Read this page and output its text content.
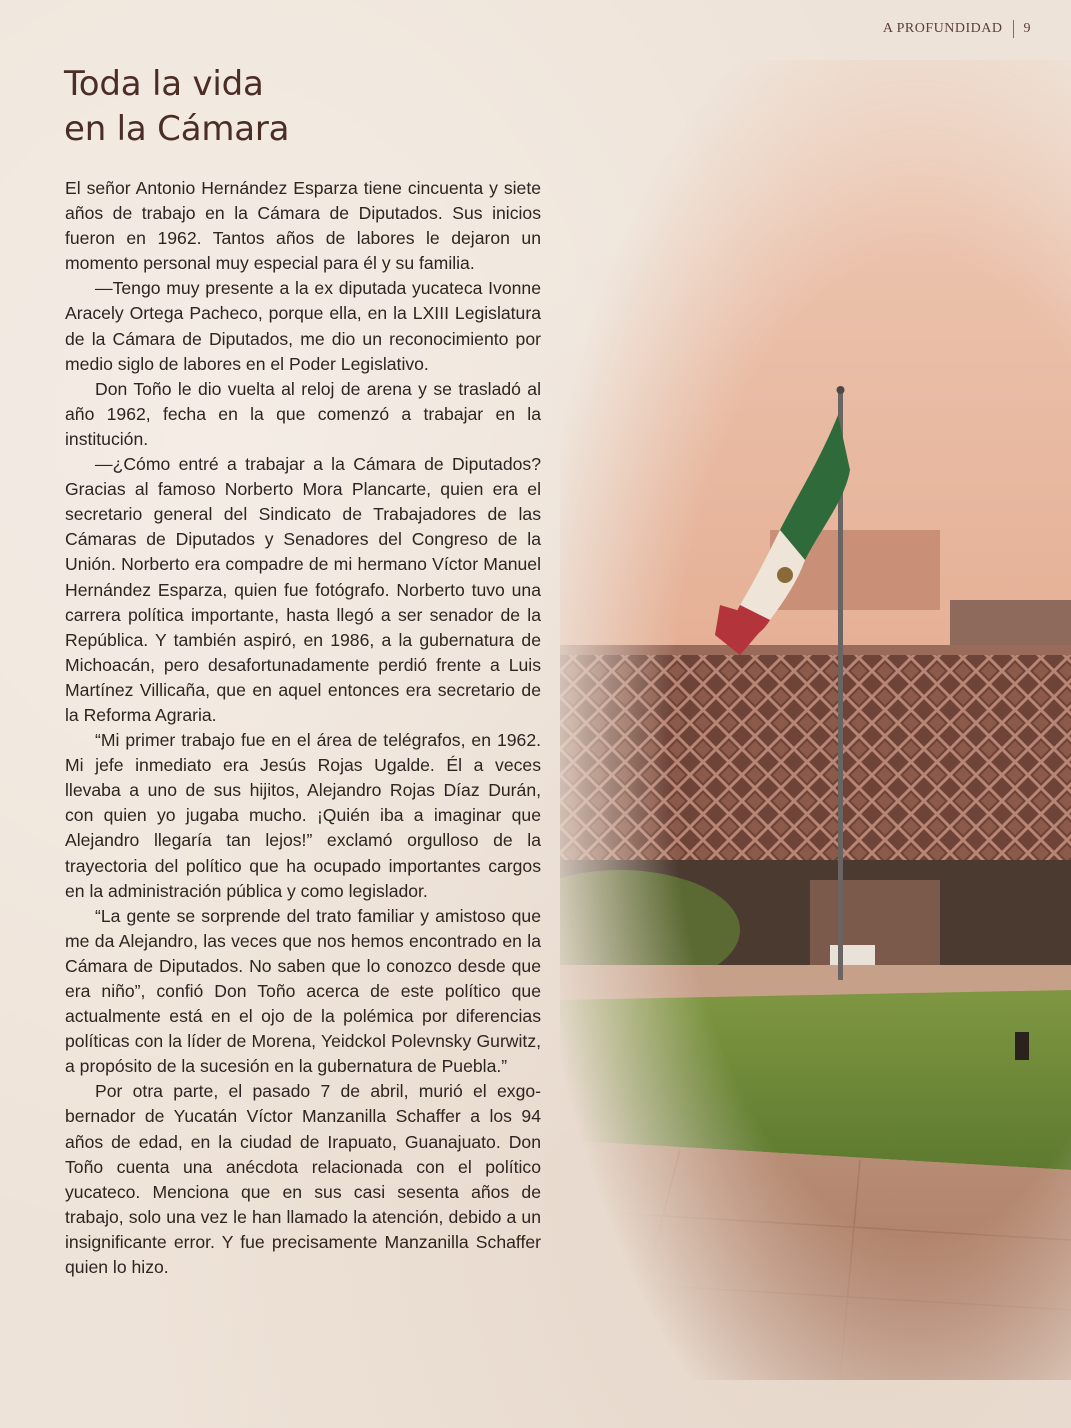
A PROFUNDIDAD 9
Toda la vida
en la Cámara

El señor Antonio Hernández Esparza tiene cincuenta y siete años de trabajo en la Cámara de Diputados. Sus inicios fueron en 1962. Tantos años de labores le dejaron un momento personal muy especial para él y su familia.

—Tengo muy presente a la ex diputada yucateca Ivonne Aracely Ortega Pacheco, porque ella, en la LXIII Legislatura de la Cámara de Diputados, me dio un reconocimiento por medio siglo de labores en el Poder Legislativo.

Don Toño le dio vuelta al reloj de arena y se trasladó al año 1962, fecha en la que comenzó a trabajar en la institución.

—¿Cómo entré a trabajar a la Cámara de Diputados? Gracias al famoso Norberto Mora Plancarte, quien era el secretario general del Sindicato de Trabajadores de las Cámaras de Diputados y Senadores del Congreso de la Unión. Norberto era compadre de mi hermano Víctor Manuel Hernández Esparza, quien fue fotógrafo. Norberto tuvo una carrera política importante, hasta llegó a ser senador de la República. Y también aspiró, en 1986, a la gubernatura de Michoacán, pero desafortunadamente perdió frente a Luis Martínez Villicaña, que en aquel entonces era secretario de la Reforma Agraria.

“Mi primer trabajo fue en el área de telégrafos, en 1962. Mi jefe inmediato era Jesús Rojas Ugalde. Él a veces llevaba a uno de sus hijitos, Alejandro Rojas Díaz Durán, con quien yo jugaba mucho. ¡Quién iba a imaginar que Alejandro llegaría tan lejos!” exclamó orgulloso de la trayectoria del político que ha ocupado importantes cargos en la administración pública y como legislador.

“La gente se sorprende del trato familiar y amistoso que me da Alejandro, las veces que nos hemos encontrado en la Cámara de Diputados. No saben que lo conozco desde que era niño”, confió Don Toño acerca de este político que actualmente está en el ojo de la polémica por diferencias políticas con la líder de Morena, Yeidckol Polevnsky Gurwitz, a propósito de la sucesión en la gubernatura de Puebla.”

Por otra parte, el pasado 7 de abril, murió el exgobernador de Yucatán Víctor Manzanilla Schaffer a los 94 años de edad, en la ciudad de Irapuato, Guanajuato. Don Toño cuenta una anécdota relacionada con el político yucateco. Menciona que en sus casi sesenta años de trabajo, solo una vez le han llamado la atención, debido a un insignificante error. Y fue precisamente Manzanilla Schaffer quien lo hizo.
